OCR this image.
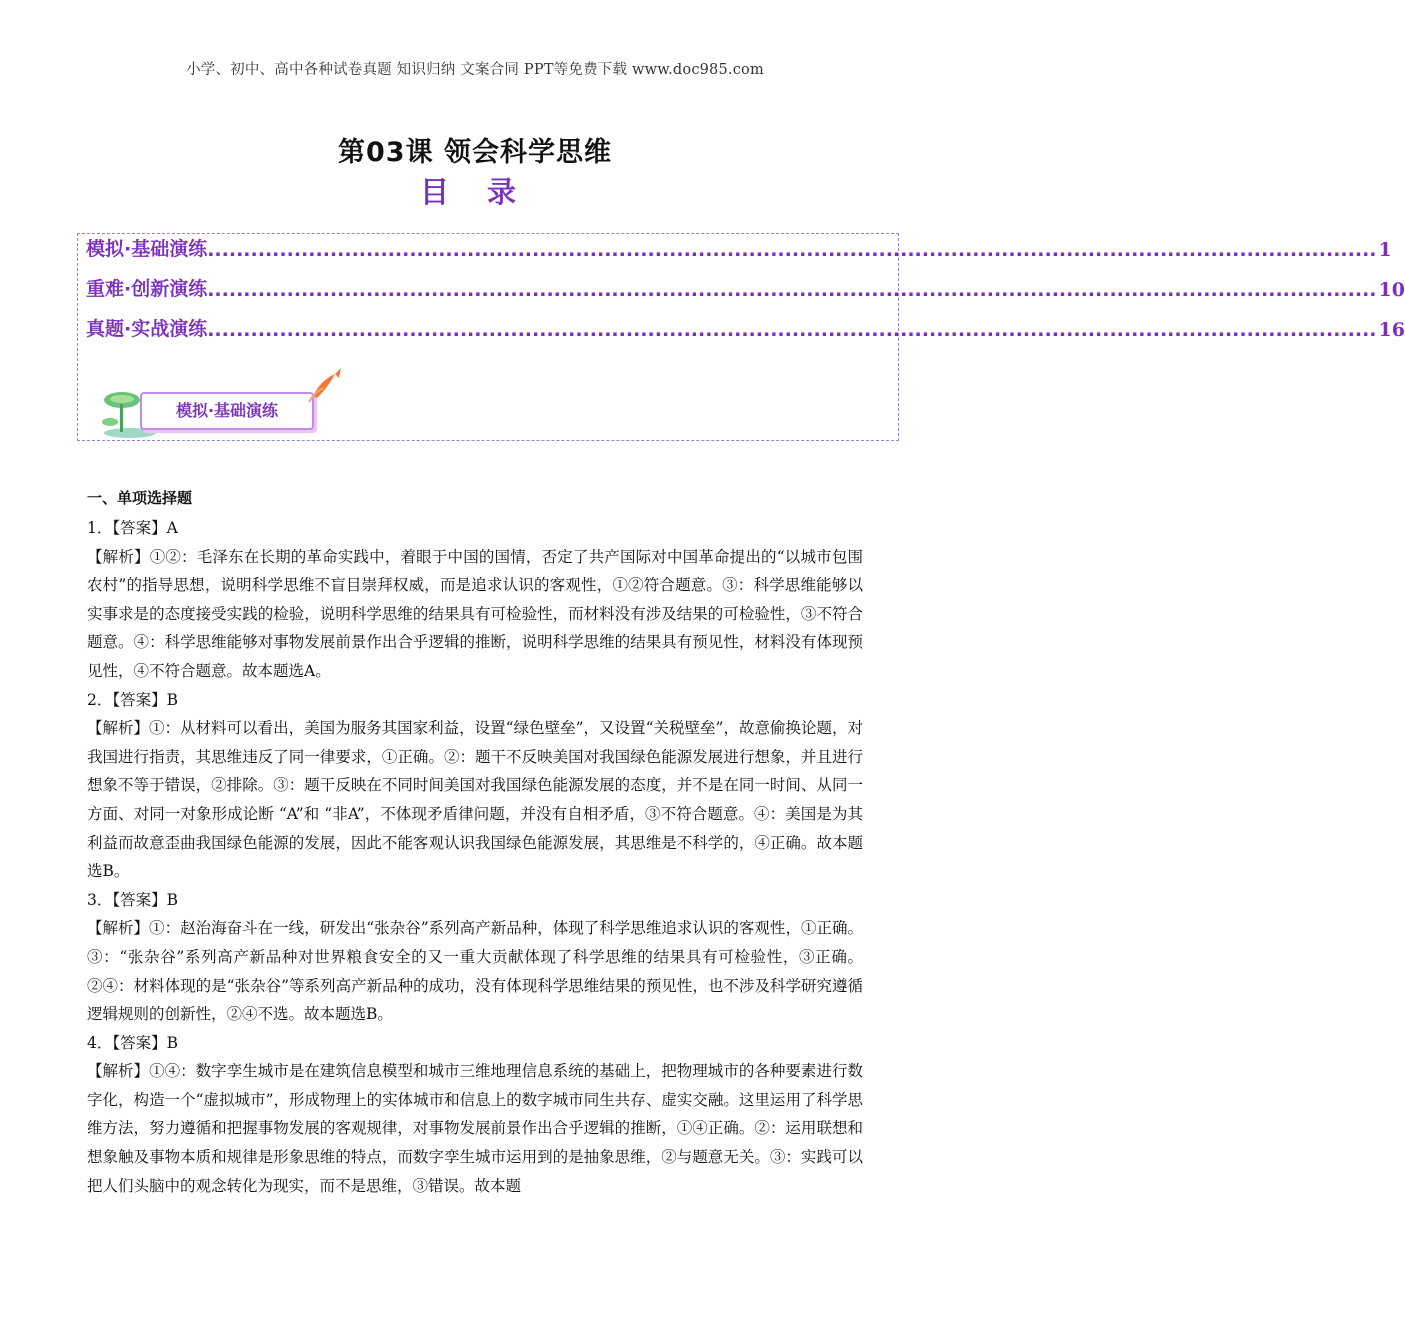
小学、初中、高中各种试卷真题 知识归纳 文案合同 PPT等免费下载 www.doc985.com
第03课 领会科学思维
目 录
模拟·基础演练 .................................................................................................................................................................. 1
重难·创新演练 .................................................................................................................................................................. 10
真题·实战演练 .................................................................................................................................................................. 16
模拟·基础演练
一、单项选择题

1．【答案】A

【解析】①②：毛泽东在长期的革命实践中，着眼于中国的国情，否定了共产国际对中国革命提出的“以城市包围农村”的指导思想，说明科学思维不盲目崇拜权威，而是追求认识的客观性，①②符合题意。③：科学思维能够以实事求是的态度接受实践的检验，说明科学思维的结果具有可检验性，而材料没有涉及结果的可检验性，③不符合题意。④：科学思维能够对事物发展前景作出合乎逻辑的推断，说明科学思维的结果具有预见性，材料没有体现预见性，④不符合题意。故本题选A。

2．【答案】B

【解析】①：从材料可以看出，美国为服务其国家利益，设置“绿色壁垒”，又设置“关税壁垒”，故意偷换论题，对我国进行指责，其思维违反了同一律要求，①正确。②：题干不反映美国对我国绿色能源发展进行想象，并且进行想象不等于错误，②排除。③：题干反映在不同时间美国对我国绿色能源发展的态度，并不是在同一时间、从同一方面、对同一对象形成论断 “A”和 “非A”，不体现矛盾律问题，并没有自相矛盾，③不符合题意。④：美国是为其利益而故意歪曲我国绿色能源的发展，因此不能客观认识我国绿色能源发展，其思维是不科学的，④正确。故本题选B。

3．【答案】B

【解析】①：赵治海奋斗在一线，研发出“张杂谷”系列高产新品种，体现了科学思维追求认识的客观性，①正确。③：“张杂谷”系列高产新品种对世界粮食安全的又一重大贡献体现了科学思维的结果具有可检验性，③正确。②④：材料体现的是“张杂谷”等系列高产新品种的成功，没有体现科学思维结果的预见性，也不涉及科学研究遵循逻辑规则的创新性，②④不选。故本题选B。

4．【答案】B

【解析】①④：数字孪生城市是在建筑信息模型和城市三维地理信息系统的基础上，把物理城市的各种要素进行数字化，构造一个“虚拟城市”，形成物理上的实体城市和信息上的数字城市同生共存、虚实交融。这里运用了科学思维方法，努力遵循和把握事物发展的客观规律，对事物发展前景作出合乎逻辑的推断，①④正确。②：运用联想和想象触及事物本质和规律是形象思维的特点，而数字孪生城市运用到的是抽象思维，②与题意无关。③：实践可以把人们头脑中的观念转化为现实，而不是思维，③错误。故本题
